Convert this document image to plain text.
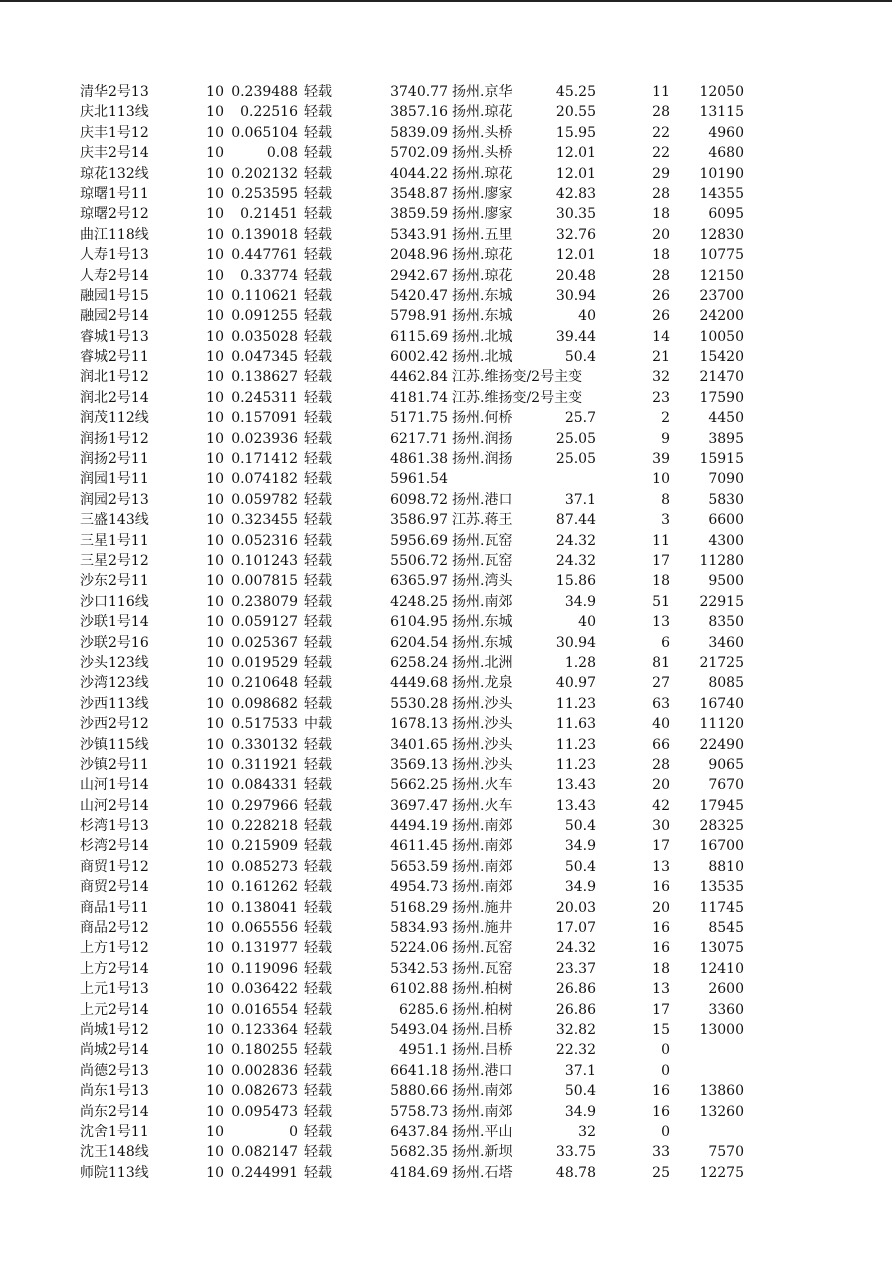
清华2号13	10 0.239488 轻载	3740.77 扬州.京华	45.25	11	12050
庆北113线	10	0.22516 轻载	3857.16 扬州.琼花	20.55	28	13115
庆丰1号12	10 0.065104 轻载	5839.09 扬州.头桥	15.95	22	4960
庆丰2号14	10	0.08 轻载	5702.09 扬州.头桥	12.01	22	4680
琼花132线	10 0.202132 轻载	4044.22 扬州.琼花	12.01	29	10190
琼曙1号11	10 0.253595 轻载	3548.87 扬州.廖家	42.83	28	14355
琼曙2号12	10	0.21451 轻载	3859.59 扬州.廖家	30.35	18	6095
曲江118线	10 0.139018 轻载	5343.91 扬州.五里	32.76	20	12830
人寿1号13	10 0.447761 轻载	2048.96 扬州.琼花	12.01	18	10775
人寿2号14	10	0.33774 轻载	2942.67 扬州.琼花	20.48	28	12150
融园1号15	10 0.110621 轻载	5420.47 扬州.东城	30.94	26	23700
融园2号14	10 0.091255 轻载	5798.91 扬州.东城	40	26	24200
睿城1号13	10 0.035028 轻载	6115.69 扬州.北城	39.44	14	10050
睿城2号11	10 0.047345 轻载	6002.42 扬州.北城	50.4	21	15420
润北1号12	10 0.138627 轻载	4462.84 江苏.维扬变/2号主变	32	21470
润北2号14	10 0.245311 轻载	4181.74 江苏.维扬变/2号主变	23	17590
润茂112线	10 0.157091 轻载	5171.75 扬州.何桥	25.7	2	4450
润扬1号12	10 0.023936 轻载	6217.71 扬州.润扬	25.05	9	3895
润扬2号11	10 0.171412 轻载	4861.38 扬州.润扬	25.05	39	15915
润园1号11	10 0.074182 轻载	5961.54	10	7090
润园2号13	10 0.059782 轻载	6098.72 扬州.港口	37.1	8	5830
三盛143线	10 0.323455 轻载	3586.97 江苏.蒋王	87.44	3	6600
三星1号11	10 0.052316 轻载	5956.69 扬州.瓦窑	24.32	11	4300
三星2号12	10 0.101243 轻载	5506.72 扬州.瓦窑	24.32	17	11280
沙东2号11	10 0.007815 轻载	6365.97 扬州.湾头	15.86	18	9500
沙口116线	10 0.238079 轻载	4248.25 扬州.南郊	34.9	51	22915
沙联1号14	10 0.059127 轻载	6104.95 扬州.东城	40	13	8350
沙联2号16	10 0.025367 轻载	6204.54 扬州.东城	30.94	6	3460
沙头123线	10 0.019529 轻载	6258.24 扬州.北洲	1.28	81	21725
沙湾123线	10 0.210648 轻载	4449.68 扬州.龙泉	40.97	27	8085
沙西113线	10 0.098682 轻载	5530.28 扬州.沙头	11.23	63	16740
沙西2号12	10 0.517533 中载	1678.13 扬州.沙头	11.63	40	11120
沙镇115线	10 0.330132 轻载	3401.65 扬州.沙头	11.23	66	22490
沙镇2号11	10 0.311921 轻载	3569.13 扬州.沙头	11.23	28	9065
山河1号14	10 0.084331 轻载	5662.25 扬州.火车	13.43	20	7670
山河2号14	10 0.297966 轻载	3697.47 扬州.火车	13.43	42	17945
杉湾1号13	10 0.228218 轻载	4494.19 扬州.南郊	50.4	30	28325
杉湾2号14	10 0.215909 轻载	4611.45 扬州.南郊	34.9	17	16700
商贸1号12	10 0.085273 轻载	5653.59 扬州.南郊	50.4	13	8810
商贸2号14	10 0.161262 轻载	4954.73 扬州.南郊	34.9	16	13535
商品1号11	10 0.138041 轻载	5168.29 扬州.施井	20.03	20	11745
商品2号12	10 0.065556 轻载	5834.93 扬州.施井	17.07	16	8545
上方1号12	10 0.131977 轻载	5224.06 扬州.瓦窑	24.32	16	13075
上方2号14	10 0.119096 轻载	5342.53 扬州.瓦窑	23.37	18	12410
上元1号13	10 0.036422 轻载	6102.88 扬州.柏树	26.86	13	2600
上元2号14	10 0.016554 轻载	6285.6 扬州.柏树	26.86	17	3360
尚城1号12	10 0.123364 轻载	5493.04 扬州.吕桥	32.82	15	13000
尚城2号14	10 0.180255 轻载	4951.1 扬州.吕桥	22.32	0
尚德2号13	10 0.002836 轻载	6641.18 扬州.港口	37.1	0
尚东1号13	10 0.082673 轻载	5880.66 扬州.南郊	50.4	16	13860
尚东2号14	10 0.095473 轻载	5758.73 扬州.南郊	34.9	16	13260
沈舍1号11	10	0 轻载	6437.84 扬州.平山	32	0
沈王148线	10 0.082147 轻载	5682.35 扬州.新坝	33.75	33	7570
师院113线	10 0.244991 轻载	4184.69 扬州.石塔	48.78	25	12275
